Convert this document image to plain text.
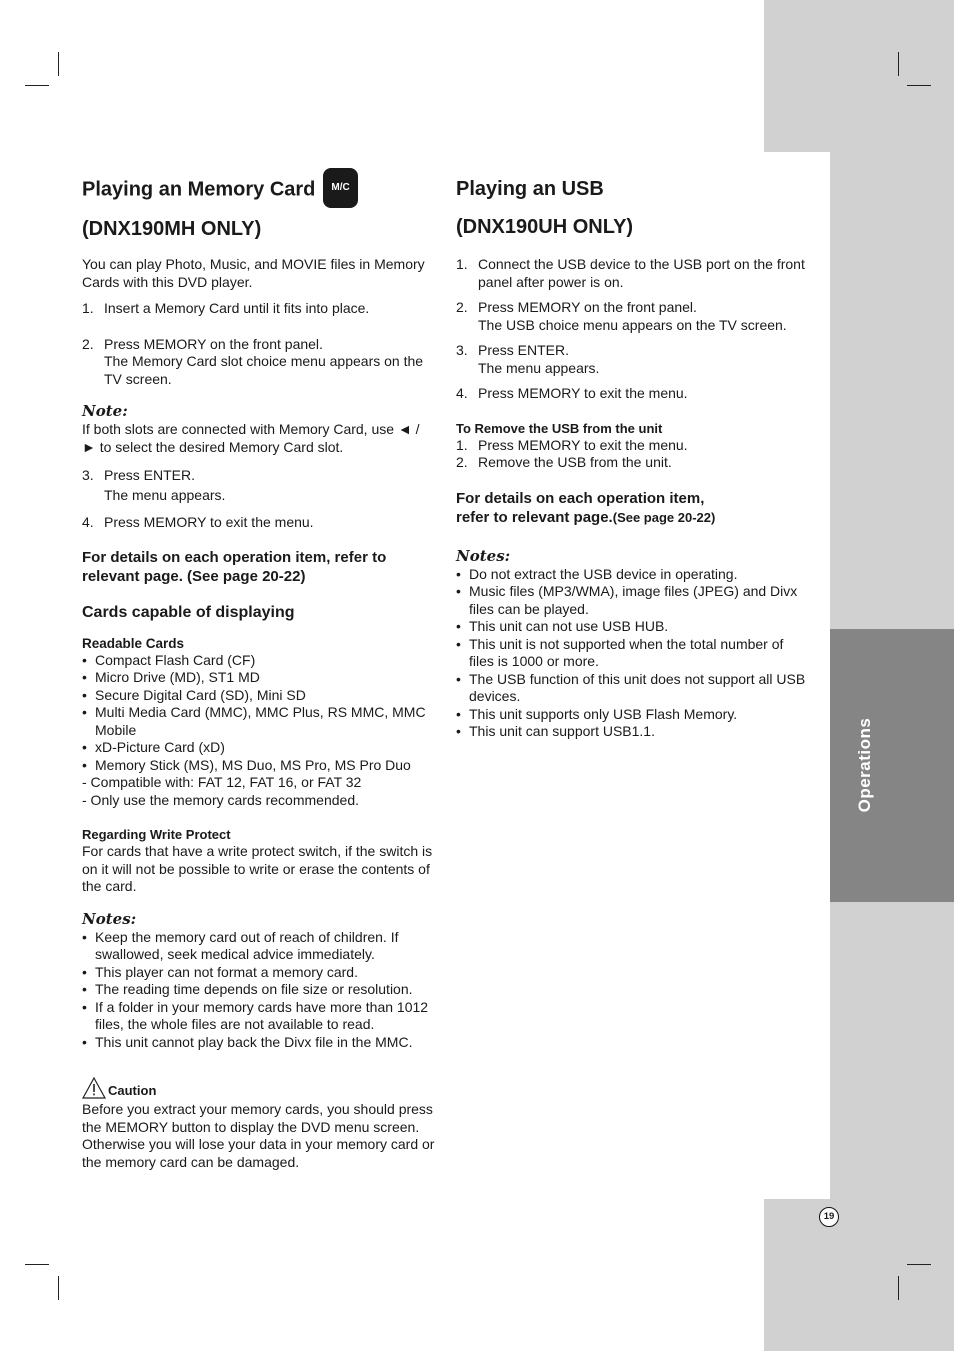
Operations
Playing an Memory Card M/C
(DNX190MH ONLY)

You can play Photo, Music, and MOVIE files in Memory Cards with this DVD player.

1. Insert a Memory Card until it fits into place.
2. Press MEMORY on the front panel.
The Memory Card slot choice menu appears on the TV screen.
Note:

If both slots are connected with Memory Card, use ◄ / ► to select the desired Memory Card slot.

3. Press ENTER.
The menu appears.
4. Press MEMORY to exit the menu.
For details on each operation item, refer to relevant page. (See page 20-22)
Cards capable of displaying
Readable Cards
• Compact Flash Card (CF)
• Micro Drive (MD), ST1 MD
• Secure Digital Card (SD), Mini SD
• Multi Media Card (MMC), MMC Plus, RS MMC, MMC Mobile
• xD-Picture Card (xD)
• Memory Stick (MS), MS Duo, MS Pro, MS Pro Duo

- Compatible with: FAT 12, FAT 16, or FAT 32

- Only use the memory cards recommended.

Regarding Write Protect

For cards that have a write protect switch, if the switch is on it will not be possible to write or erase the contents of the card.

Notes:
• Keep the memory card out of reach of children. If swallowed, seek medical advice immediately.
• This player can not format a memory card.
• The reading time depends on file size or resolution.
• If a folder in your memory cards have more than 1012 files, the whole files are not available to read.
• This unit cannot play back the Divx file in the MMC.
Caution

Before you extract your memory cards, you should press the MEMORY button to display the DVD menu screen. Otherwise you will lose your data in your memory card or the memory card can be damaged.

Playing an USB
(DNX190UH ONLY)
1. Connect the USB device to the USB port on the front panel after power is on.
2. Press MEMORY on the front panel.
The USB choice menu appears on the TV screen.
3. Press ENTER.
The menu appears.
4. Press MEMORY to exit the menu.
To Remove the USB from the unit
1. Press MEMORY to exit the menu.
2. Remove the USB from the unit.
For details on each operation item,
refer to relevant page.(See page 20-22)
Notes:
• Do not extract the USB device in operating.
• Music files (MP3/WMA), image files (JPEG) and Divx files can be played.
• This unit can not use USB HUB.
• This unit is not supported when the total number of files is 1000 or more.
• The USB function of this unit does not support all USB devices.
• This unit supports only USB Flash Memory.
• This unit can support USB1.1.
19
